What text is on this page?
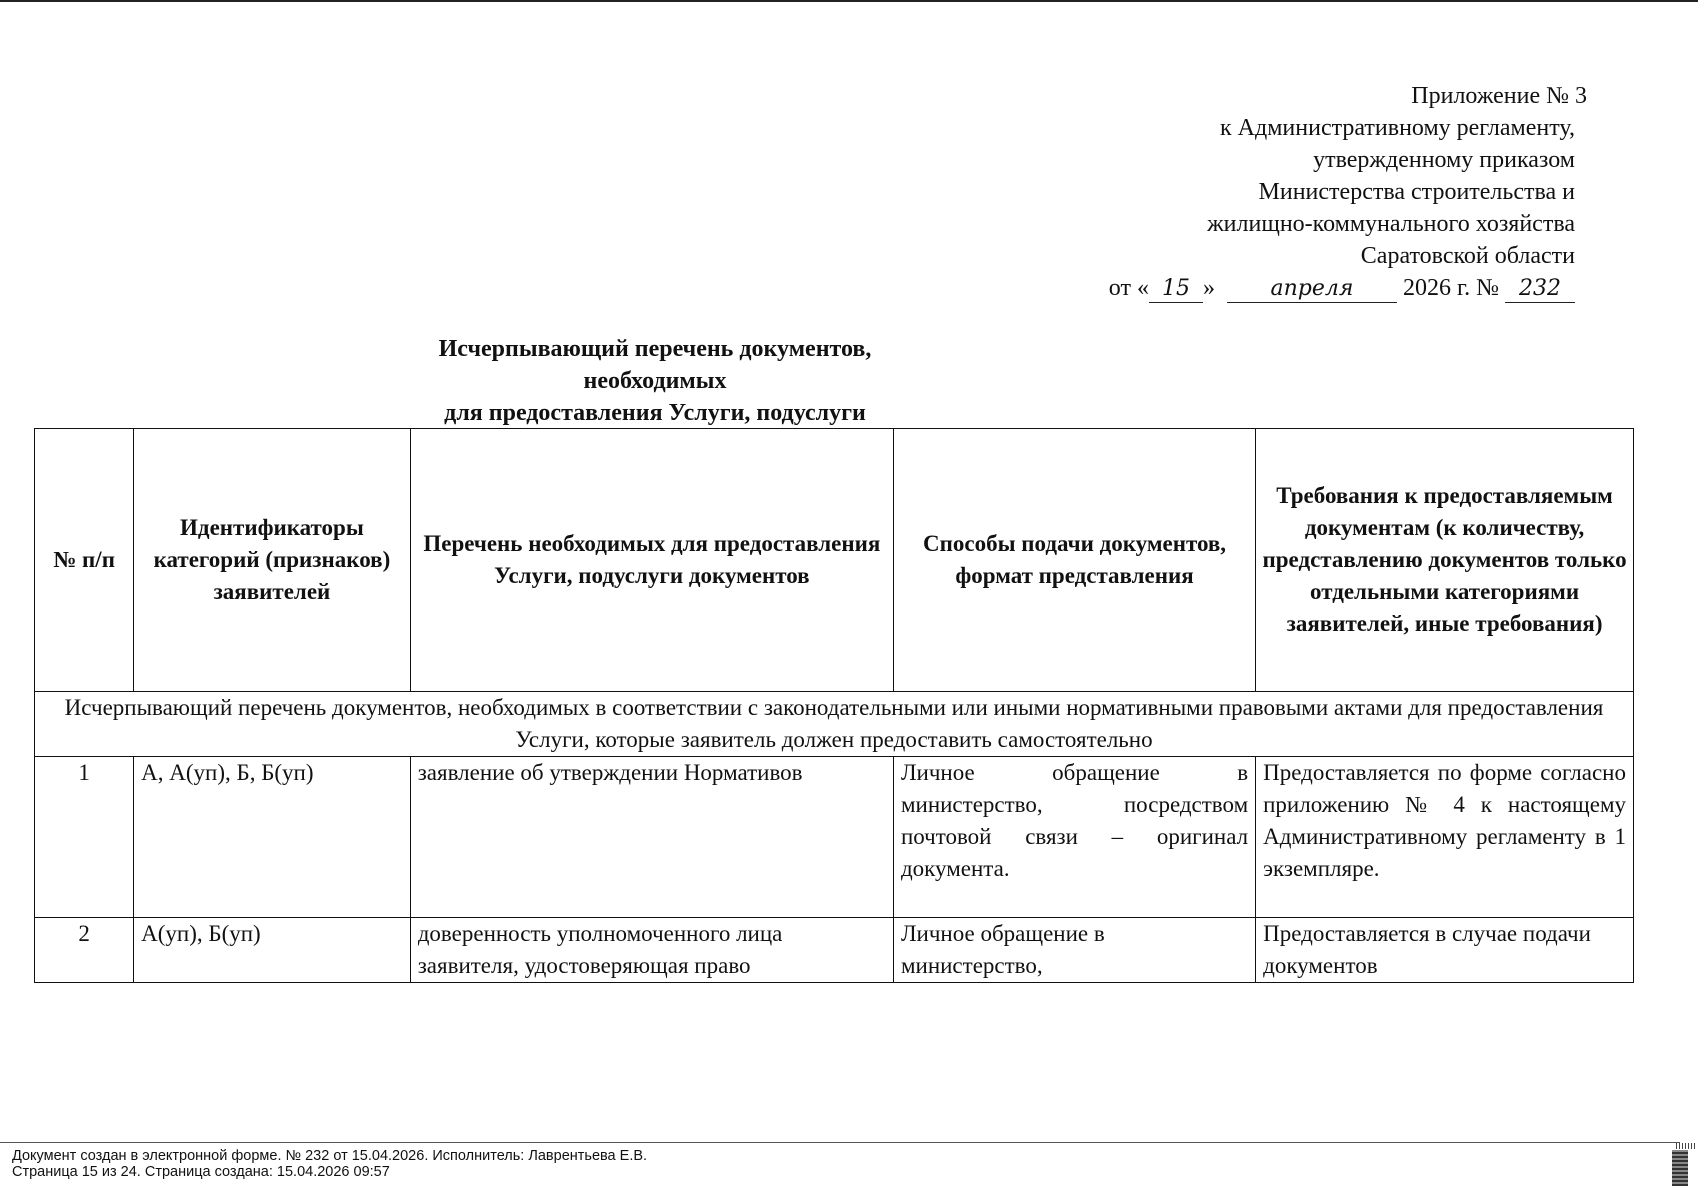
Приложение № 3
к Административному регламенту,
утвержденному приказом
Министерства строительства и
жилищно-коммунального хозяйства
Саратовской области
от « 15 »	апреля 2026 г. № 232
Исчерпывающий перечень документов, необходимых
для предоставления Услуги, подуслуги
№ п/п	Идентификаторы категорий (признаков) заявителей	Перечень необходимых для предоставления Услуги, подуслуги документов	Способы подачи документов, формат представления	Требования к предоставляемым документам (к количеству, представлению документов только отдельными категориями заявителей, иные требования)
Исчерпывающий перечень документов, необходимых в соответствии с законодательными или иными нормативными правовыми актами для предоставления Услуги, которые заявитель должен предоставить самостоятельно				
1	А, А(уп), Б, Б(уп)	заявление об утверждении Нормативов	Личное обращение в министерство, посредством почтовой связи – оригинал документа.	Предоставляется по форме согласно приложению № 4 к настоящему Административному регламенту в 1 экземпляре.
2	А(уп), Б(уп)	доверенность уполномоченного лица заявителя, удостоверяющая право	Личное обращение в министерство,	Предоставляется в случае подачи документов
Документ создан в электронной форме. № 232 от 15.04.2026. Исполнитель: Лаврентьева Е.В.
Страница 15 из 24. Страница создана: 15.04.2026 09:57
